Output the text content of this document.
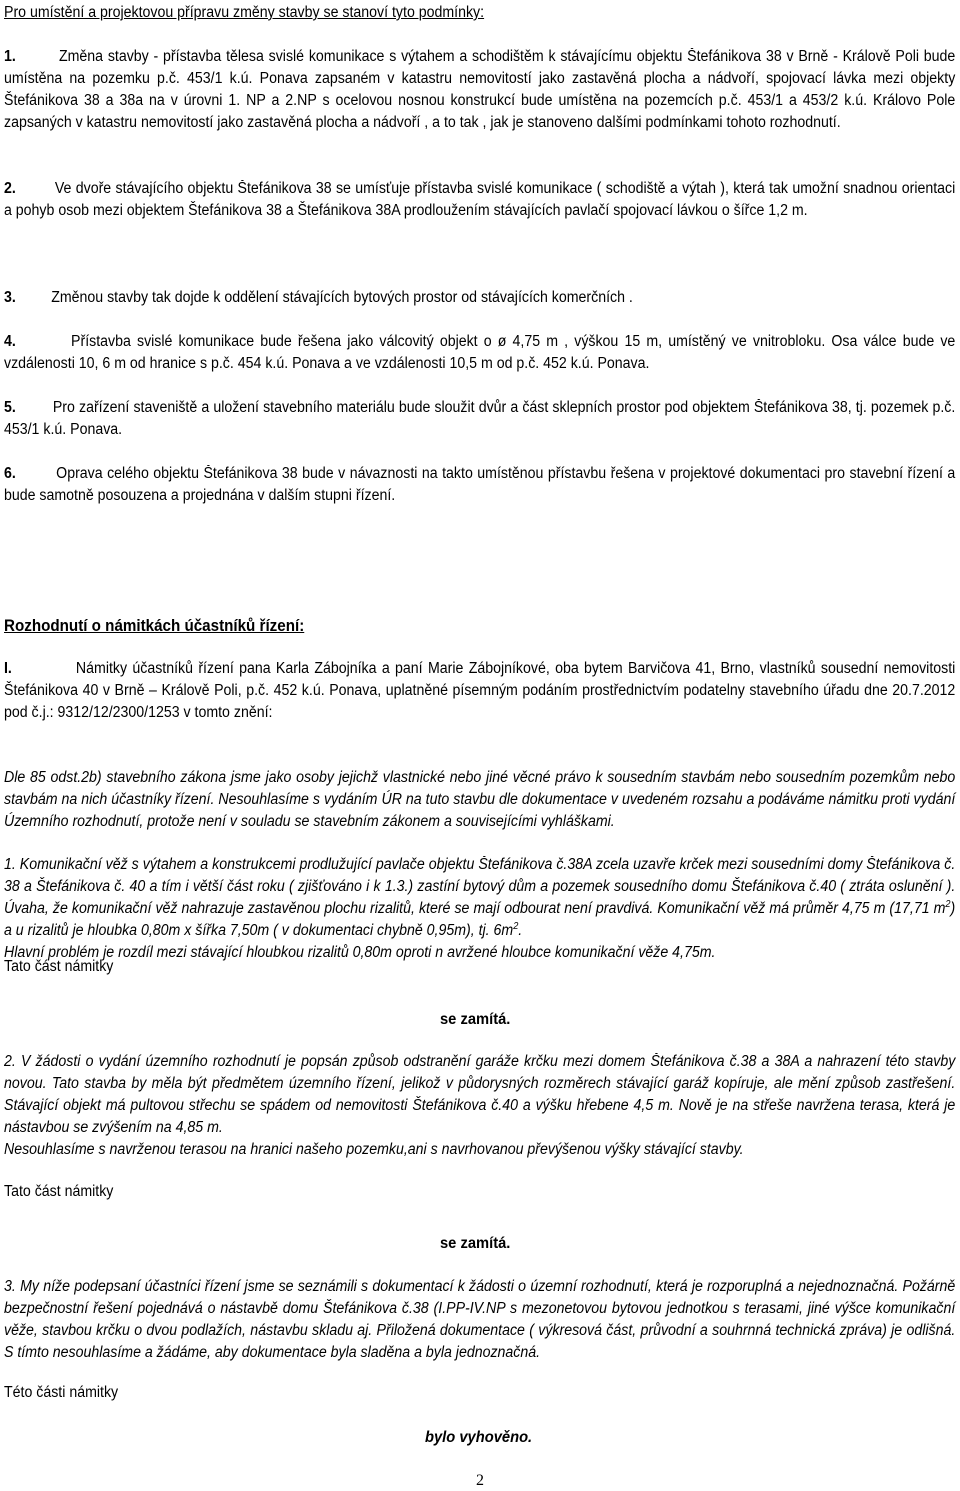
Pro umístění a projektovou přípravu změny stavby se stanoví tyto podmínky:

1.	Změna stavby - přístavba tělesa svislé komunikace s výtahem a schodištěm k stávajícímu objektu Štefánikova 38 v Brně - Králově Poli bude umístěna na pozemku p.č. 453/1 k.ú. Ponava zapsaném v katastru nemovitostí jako zastavěná plocha a nádvoří, spojovací lávka mezi objekty Štefánikova 38 a 38a na v úrovni 1. NP a 2.NP s ocelovou nosnou konstrukcí bude umístěna na pozemcích p.č. 453/1 a 453/2 k.ú. Královo Pole zapsaných v katastru nemovitostí jako zastavěná plocha a nádvoří , a to tak , jak je stanoveno dalšími podmínkami tohoto rozhodnutí.

2.	Ve dvoře stávajícího objektu Štefánikova 38 se umísťuje přístavba svislé komunikace ( schodiště a výtah ), která tak umožní snadnou orientaci a pohyb osob mezi objektem Štefánikova 38 a Štefánikova 38A prodloužením stávajících pavlačí spojovací lávkou o šířce 1,2 m.

3. Změnou stavby tak dojde k oddělení stávajících bytových prostor od stávajících komerčních .

4.	Přístavba svislé komunikace bude řešena jako válcovitý objekt o ø 4,75 m , výškou 15 m, umístěný ve vnitrobloku. Osa válce bude ve vzdálenosti 10, 6 m od hranice s p.č. 454 k.ú. Ponava a ve vzdálenosti 10,5 m od p.č. 452 k.ú. Ponava.

5. Pro zařízení staveniště a uložení stavebního materiálu bude sloužit dvůr a část sklepních prostor pod objektem Štefánikova 38, tj. pozemek p.č. 453/1 k.ú. Ponava.

6.	Oprava celého objektu Štefánikova 38 bude v návaznosti na takto umístěnou přístavbu řešena v projektové dokumentaci pro stavební řízení a bude samotně posouzena a projednána v dalším stupni řízení.

Rozhodnutí o námitkách účastníků řízení:

I.	Námitky účastníků řízení pana Karla Zábojníka a paní Marie Zábojníkové, oba bytem Barvičova 41, Brno, vlastníků sousední nemovitosti Štefánikova 40 v Brně – Králově Poli, p.č. 452 k.ú. Ponava, uplatněné písemným podáním prostřednictvím podatelny stavebního úřadu dne 20.7.2012 pod č.j.: 9312/12/2300/1253 v tomto znění:

Dle 85 odst.2b) stavebního zákona jsme jako osoby jejichž vlastnické nebo jiné věcné právo k sousedním stavbám nebo sousedním pozemkům nebo stavbám na nich účastníky řízení. Nesouhlasíme s vydáním ÚR na tuto stavbu dle dokumentace v uvedeném rozsahu a podáváme námitku proti vydání Územního rozhodnutí, protože není v souladu se stavebním zákonem a souvisejícími vyhláškami.

1. Komunikační věž s výtahem a konstrukcemi prodlužující pavlače objektu Štefánikova č.38A zcela uzavře krček mezi sousedními domy Štefánikova č. 38 a Štefánikova č. 40 a tím i větší část roku ( zjišťováno i k 1.3.) zastíní bytový dům a pozemek sousedního domu Štefánikova č.40 ( ztráta oslunění ). Úvaha, že komunikační věž nahrazuje zastavěnou plochu rizalitů, které se mají odbourat není pravdivá. Komunikační věž má průměr 4,75 m (17,71 $m^2$) a u rizalitů je hloubka 0,80m x šířka 7,50m ( v dokumentaci chybně 0,95m), tj. $6m^2$.
Hlavní problém je rozdíl mezi stávající hloubkou rizalitů 0,80m oproti n avržené hloubce komunikační věže 4,75m.

Tato část námitky
se zamítá.

2. V žádosti o vydání územního rozhodnutí je popsán způsob odstranění garáže krčku mezi domem Štefánikova č.38 a 38A a nahrazení této stavby novou. Tato stavba by měla být předmětem územního řízení, jelikož v půdorysných rozměrech stávající garáž kopíruje, ale mění způsob zastřešení. Stávající objekt má pultovou střechu se spádem od nemovitosti Štefánikova č.40 a výšku hřebene 4,5 m. Nově je na střeše navržena terasa, která je nástavbou se zvýšením na 4,85 m.
Nesouhlasíme s navrženou terasou na hranici našeho pozemku,ani s navrhovanou převýšenou výšky stávající stavby.

Tato část námitky
se zamítá.

3. My níže podepsaní účastníci řízení jsme se seznámili s dokumentací k žádosti o územní rozhodnutí, která je rozporuplná a nejednoznačná. Požárně bezpečnostní řešení pojednává o nástavbě domu Štefánikova č.38 (I.PP-IV.NP s mezonetovou bytovou jednotkou s terasami, jiné výšce komunikační věže, stavbou krčku o dvou podlažích, nástavbu skladu aj. Přiložená dokumentace ( výkresová část, průvodní a souhrnná technická zpráva) je odlišná. S tímto nesouhlasíme a žádáme, aby dokumentace byla sladěna a byla jednoznačná.

Této části námitky
bylo vyhověno.
2
